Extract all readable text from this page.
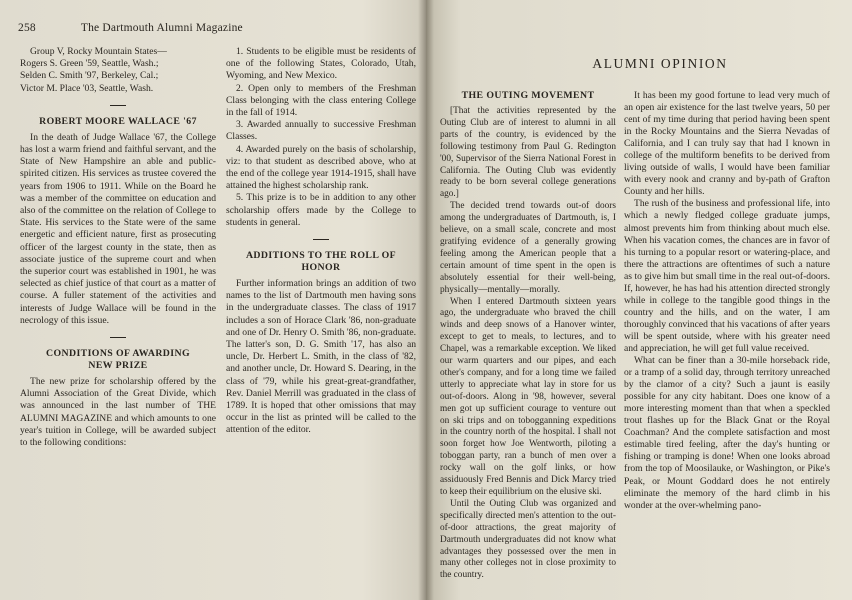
258	The Dartmouth Alumni Magazine
Group V, Rocky Mountain States—
Rogers S. Green '59, Seattle, Wash.;
Selden C. Smith '97, Berkeley, Cal.;
Victor M. Place '03, Seattle, Wash.
ROBERT MOORE WALLACE '67

In the death of Judge Wallace '67, the College has lost a warm friend and faithful servant, and the State of New Hampshire an able and public-spirited citizen. His services as trustee covered the years from 1906 to 1911. While on the Board he was a member of the committee on education and also of the committee on the relation of College to State. His services to the State were of the same energetic and efficient nature, first as prosecuting officer of the largest county in the state, then as associate justice of the supreme court and when the superior court was established in 1901, he was selected as chief justice of that court as a matter of course. A fuller statement of the activities and interests of Judge Wallace will be found in the necrology of this issue.

CONDITIONS OF AWARDING
NEW PRIZE

The new prize for scholarship offered by the Alumni Association of the Great Divide, which was announced in the last number of THE ALUMNI MAGAZINE and which amounts to one year's tuition in College, will be awarded subject to the following conditions:

1. Students to be eligible must be residents of one of the following States, Colorado, Utah, Wyoming, and New Mexico.

2. Open only to members of the Freshman Class belonging with the class entering College in the fall of 1914.

3. Awarded annually to successive Freshman Classes.

4. Awarded purely on the basis of scholarship, viz: to that student as described above, who at the end of the college year 1914-1915, shall have attained the highest scholarship rank.

5. This prize is to be in addition to any other scholarship offers made by the College to students in general.

ADDITIONS TO THE ROLL OF
HONOR

Further information brings an addition of two names to the list of Dartmouth men having sons in the undergraduate classes. The class of 1917 includes a son of Horace Clark '86, non-graduate and one of Dr. Henry O. Smith '86, non-graduate. The latter's son, D. G. Smith '17, has also an uncle, Dr. Herbert L. Smith, in the class of '82, and another uncle, Dr. Howard S. Dearing, in the class of '79, while his great-great-grandfather, Rev. Daniel Merrill was graduated in the class of 1789. It is hoped that other omissions that may occur in the list as printed will be called to the attention of the editor.

ALUMNI OPINION
THE OUTING MOVEMENT

[That the activities represented by the Outing Club are of interest to alumni in all parts of the country, is evidenced by the following testimony from Paul G. Redington '00, Supervisor of the Sierra National Forest in California. The Outing Club was evidently ready to be born several college generations ago.]

The decided trend towards out-of doors among the undergraduates of Dartmouth, is, I believe, on a small scale, concrete and most gratifying evidence of a generally growing feeling among the American people that a certain amount of time spent in the open is absolutely essential for their well-being, physically—mentally—morally.

When I entered Dartmouth sixteen years ago, the undergraduate who braved the chill winds and deep snows of a Hanover winter, except to get to meals, to lectures, and to Chapel, was a remarkable exception. We liked our warm quarters and our pipes, and each other's company, and for a long time we failed utterly to appreciate what lay in store for us out-of-doors. Along in '98, however, several men got up sufficient courage to venture out on ski trips and on tobogganning expeditions in the country north of the hospital. I shall not soon forget how Joe Wentworth, piloting a toboggan party, ran a bunch of men over a rocky wall on the golf links, or how assiduously Fred Bennis and Dick Marcy tried to keep their equilibrium on the elusive ski.

Until the Outing Club was organized and specifically directed men's attention to the out-of-door attractions, the great majority of Dartmouth undergraduates did not know what advantages they possessed over the men in many other colleges not in close proximity to the country.

It has been my good fortune to lead very much of an open air existence for the last twelve years, 50 per cent of my time during that period having been spent in the Rocky Mountains and the Sierra Nevadas of California, and I can truly say that had I known in college of the multiform benefits to be derived from living outside of walls, I would have been familiar with every nook and cranny and by-path of Grafton County and her hills.

The rush of the business and professional life, into which a newly fledged college graduate jumps, almost prevents him from thinking about much else. When his vacation comes, the chances are in favor of his turning to a popular resort or watering-place, and there the attractions are oftentimes of such a nature as to give him but small time in the real out-of-doors. If, however, he has had his attention directed strongly while in college to the tangible good things in the country and the hills, and on the water, I am thoroughly convinced that his vacations of after years will be spent outside, where with his greater need and appreciation, he will get full value received.

What can be finer than a 30-mile horseback ride, or a tramp of a solid day, through territory unreached by the clamor of a city? Such a jaunt is easily possible for any city habitant. Does one know of a more interesting moment than that when a speckled trout flashes up for the Black Gnat or the Royal Coachman? And the complete satisfaction and most estimable tired feeling, after the day's hunting or fishing or tramping is done! When one looks abroad from the top of Moosilauke, or Washington, or Pike's Peak, or Mount Goddard does he not entirely eliminate the memory of the hard climb in his wonder at the over-whelming pano-
